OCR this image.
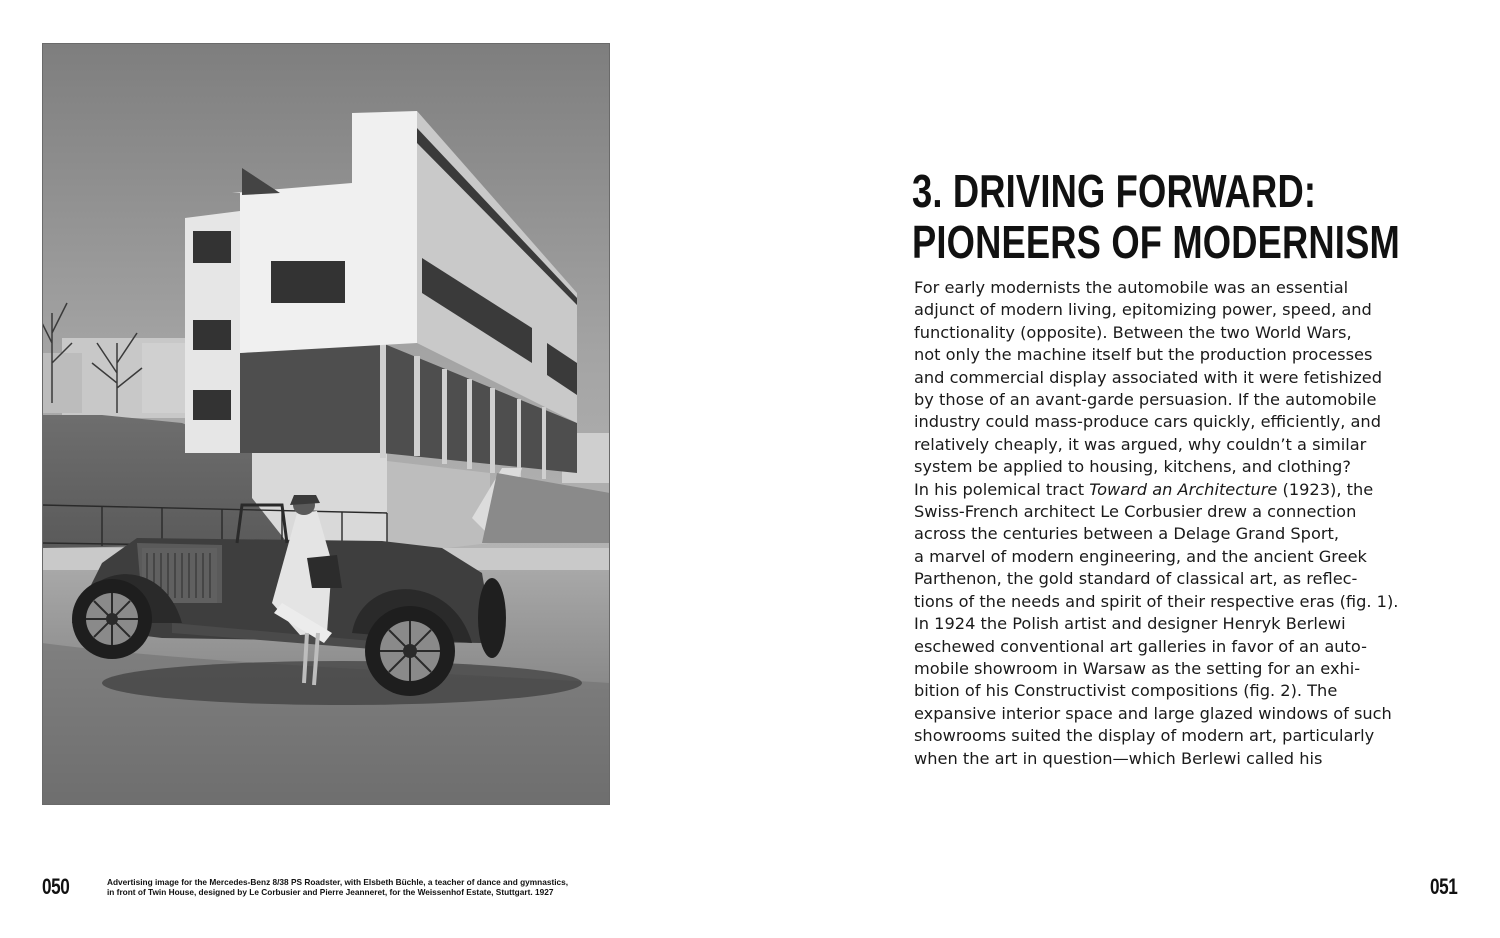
050	Advertising image for the Mercedes-Benz 8/38 PS Roadster, with Elsbeth Büchle, a teacher of dance and gymnastics,
in front of Twin House, designed by Le Corbusier and Pierre Jeanneret, for the Weissenhof Estate, Stuttgart. 1927
3. DRIVING FORWARD:
PIONEERS OF MODERNISM
For early modernists the automobile was an essential
adjunct of modern living, epitomizing power, speed, and
functionality (opposite). Between the two World Wars,
not only the machine itself but the production processes
and commercial display associated with it were fetishized
by those of an avant-garde persuasion. If the automobile
industry could mass-produce cars quickly, efficiently, and
relatively cheaply, it was argued, why couldn’t a similar
system be applied to housing, kitchens, and clothing?
In his polemical tract Toward an Architecture (1923), the
Swiss-French architect Le Corbusier drew a connection
across the centuries between a Delage Grand Sport,
a marvel of modern engineering, and the ancient Greek
Parthenon, the gold standard of classical art, as reflec-
tions of the needs and spirit of their respective eras (fig. 1).
In 1924 the Polish artist and designer Henryk Berlewi
eschewed conventional art galleries in favor of an auto-
mobile showroom in Warsaw as the setting for an exhi-
bition of his Constructivist compositions (fig. 2). The
expansive interior space and large glazed windows of such
showrooms suited the display of modern art, particularly
when the art in question—which Berlewi called his
051
